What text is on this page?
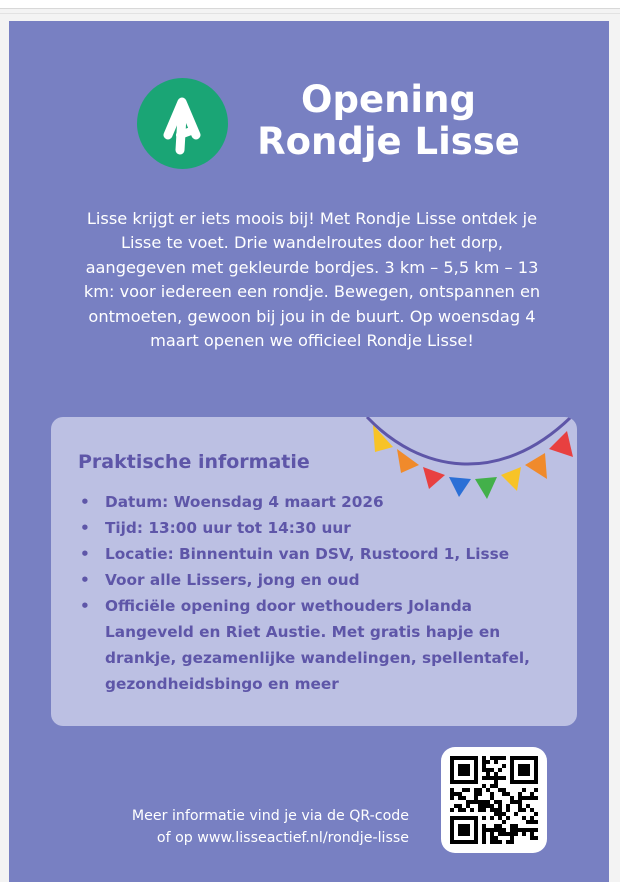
Opening
Rondje Lisse
Lisse krijgt er iets moois bij! Met Rondje Lisse ontdek je Lisse te voet. Drie wandelroutes door het dorp, aangegeven met gekleurde bordjes. 3 km – 5,5 km – 13 km: voor iedereen een rondje. Bewegen, ontspannen en ontmoeten, gewoon bij jou in de buurt. Op woensdag 4 maart openen we officieel Rondje Lisse!
Praktische informatie
• Datum: Woensdag 4 maart 2026
• Tijd: 13:00 uur tot 14:30 uur
• Locatie: Binnentuin van DSV, Rustoord 1, Lisse
• Voor alle Lissers, jong en oud
• Officiële opening door wethouders Jolanda Langeveld en Riet Austie. Met gratis hapje en drankje, gezamenlijke wandelingen, spellentafel, gezondheidsbingo en meer
Meer informatie vind je via de QR-code
of op www.lisseactief.nl/rondje-lisse
